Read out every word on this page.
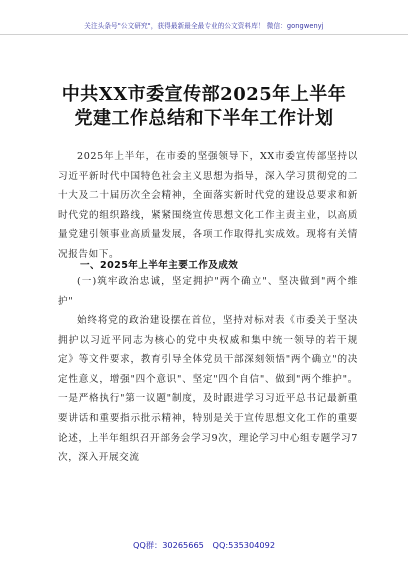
关注头条号"公文研究"，获得最新最全最专业的公文资料库！ 微信：gongwenyj
中共XX市委宣传部2025年上半年
党建工作总结和下半年工作计划

2025年上半年，在市委的坚强领导下，XX市委宣传部坚持以习近平新时代中国特色社会主义思想为指导，深入学习贯彻党的二十大及二十届历次全会精神，全面落实新时代党的建设总要求和新时代党的组织路线，紧紧围绕宣传思想文化工作主责主业，以高质量党建引领事业高质量发展，各项工作取得扎实成效。现将有关情况报告如下。

一、2025年上半年主要工作及成效

(一)筑牢政治忠诚，坚定拥护"两个确立"、坚决做到"两个维护"

始终将党的政治建设摆在首位，坚持对标对表《市委关于坚决拥护以习近平同志为核心的党中央权威和集中统一领导的若干规定》等文件要求，教育引导全体党员干部深刻领悟"两个确立"的决定性意义，增强"四个意识"、坚定"四个自信"、做到"两个维护"。一是严格执行"第一议题"制度，及时跟进学习习近平总书记最新重要讲话和重要指示批示精神，特别是关于宣传思想文化工作的重要论述，上半年组织召开部务会学习9次，理论学习中心组专题学习7次，深入开展交流

QQ群：30265665 QQ:535304092
